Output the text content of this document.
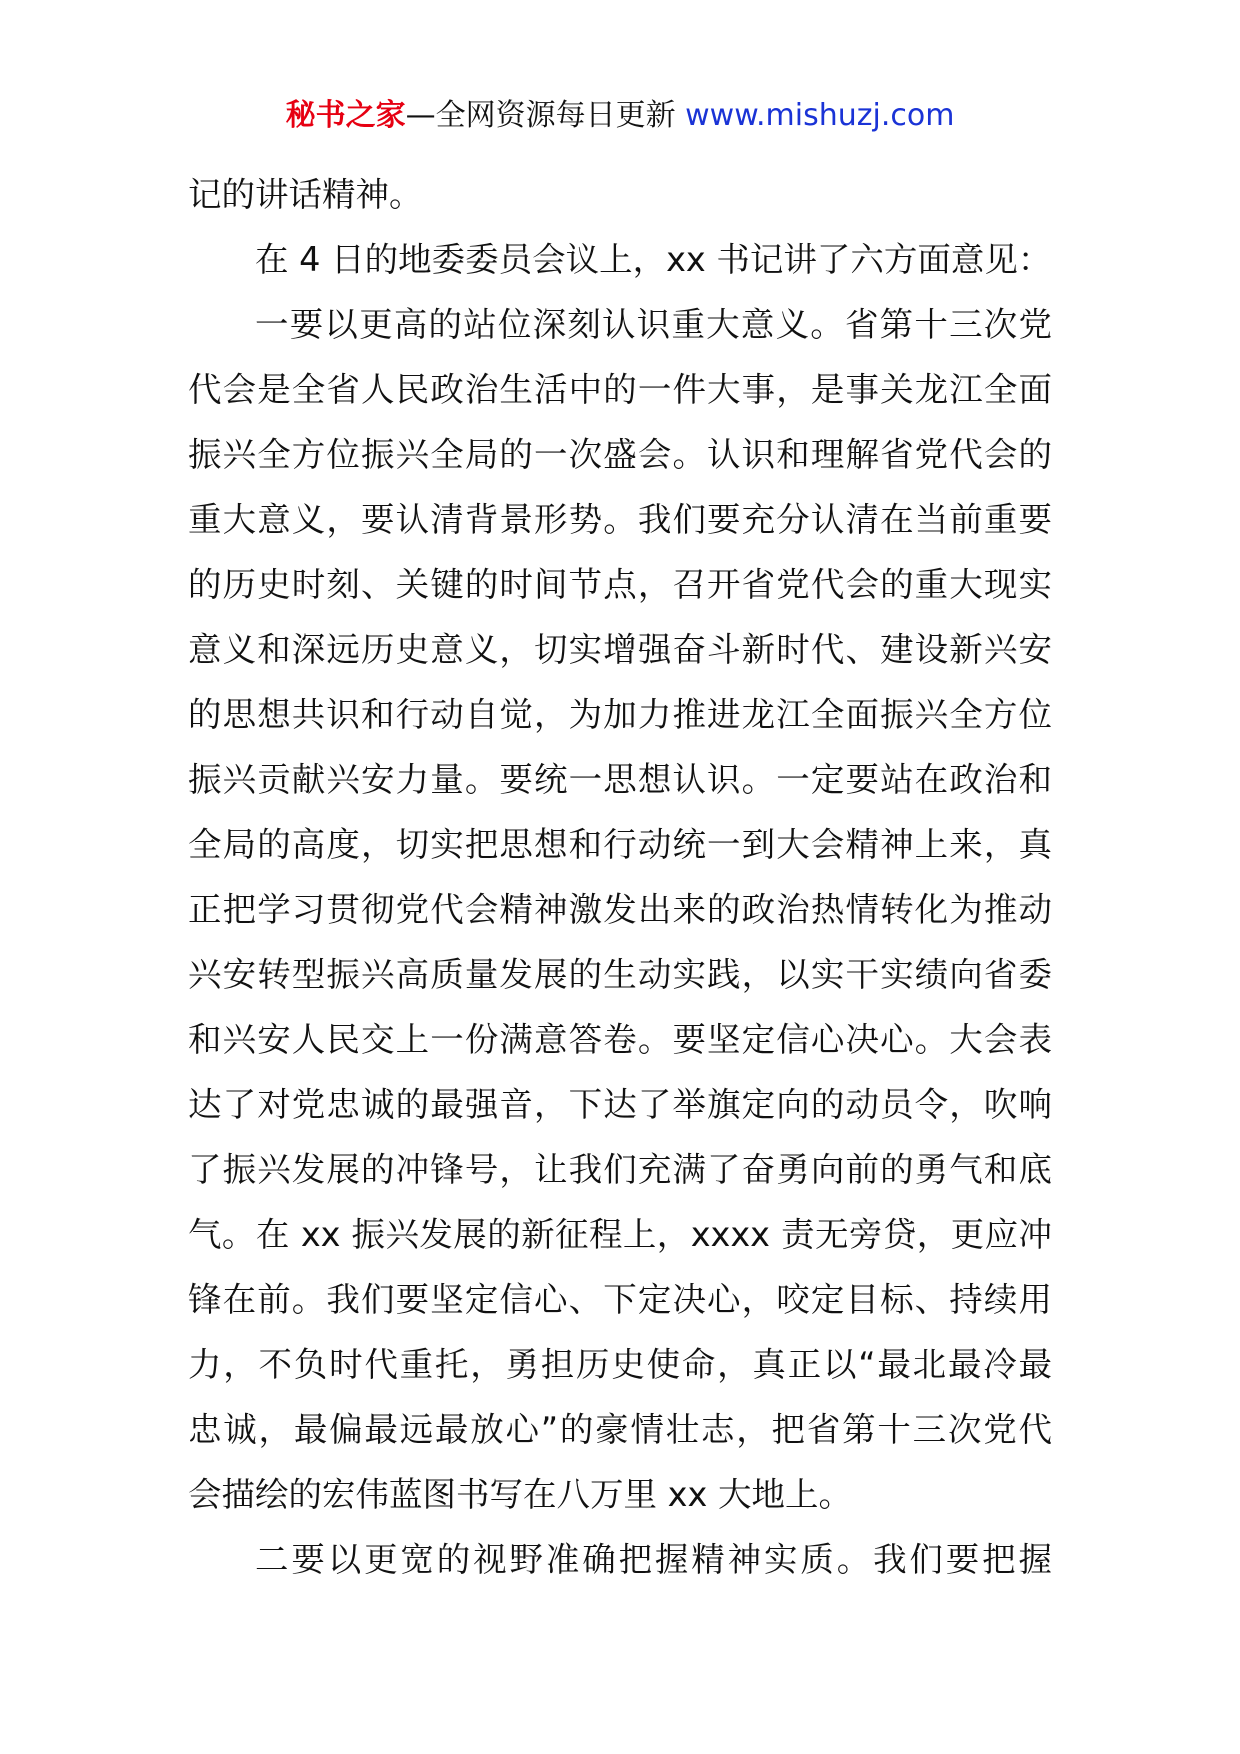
秘书之家—全网资源每日更新 www.mishuzj.com
记的讲话精神。
在 4 日的地委委员会议上，xx 书记讲了六方面意见：
一要以更高的站位深刻认识重大意义。省第十三次党
代会是全省人民政治生活中的一件大事，是事关龙江全面
振兴全方位振兴全局的一次盛会。认识和理解省党代会的
重大意义，要认清背景形势。我们要充分认清在当前重要
的历史时刻、关键的时间节点，召开省党代会的重大现实
意义和深远历史意义，切实增强奋斗新时代、建设新兴安
的思想共识和行动自觉，为加力推进龙江全面振兴全方位
振兴贡献兴安力量。要统一思想认识。一定要站在政治和
全局的高度，切实把思想和行动统一到大会精神上来，真
正把学习贯彻党代会精神激发出来的政治热情转化为推动
兴安转型振兴高质量发展的生动实践，以实干实绩向省委
和兴安人民交上一份满意答卷。要坚定信心决心。大会表
达了对党忠诚的最强音，下达了举旗定向的动员令，吹响
了振兴发展的冲锋号，让我们充满了奋勇向前的勇气和底
气。在 xx 振兴发展的新征程上，xxxx 责无旁贷，更应冲
锋在前。我们要坚定信心、下定决心，咬定目标、持续用
力，不负时代重托，勇担历史使命，真正以“最北最冷最
忠诚，最偏最远最放心”的豪情壮志，把省第十三次党代
会描绘的宏伟蓝图书写在八万里 xx 大地上。
二要以更宽的视野准确把握精神实质。我们要把握
